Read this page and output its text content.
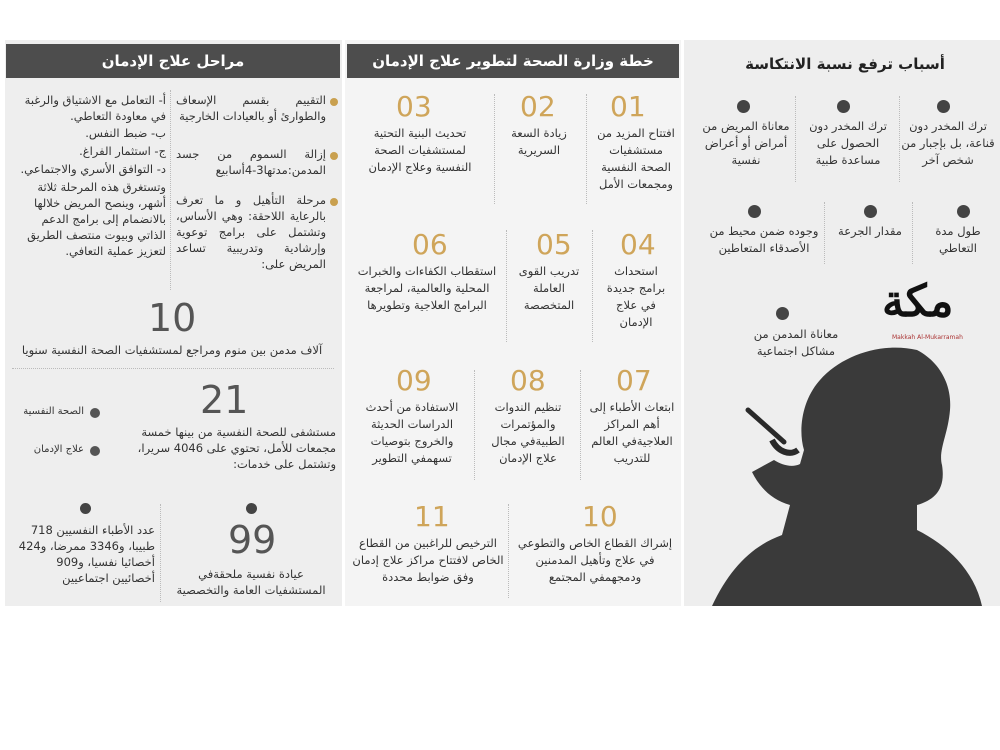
أسباب ترفع نسبة الانتكاسة
ترك المخدر دون قناعة، بل بإجبار من شخص آخر
ترك المخدر دون الحصول على مساعدة طبية
معاناة المريض من أمراض أو أعراض نفسية
طول مدة التعاطي
مقدار الجرعة
وجوده ضمن محيط من الأصدقاء المتعاطين
معاناة المدمن من مشاكل اجتماعية
مكة
Makkah Al-Mukarramah
خطة وزارة الصحة لتطوير علاج الإدمان
01
افتتاح المزيد من مستشفيات الصحة النفسية ومجمعات الأمل
02
زيادة السعة السريرية
03
تحديث البنية التحتية لمستشفيات الصحة النفسية وعلاج الإدمان
04
استحداث برامج جديدة في علاج الإدمان
05
تدريب القوى العاملة المتخصصة
06
استقطاب الكفاءات والخبرات المحلية والعالمية، لمراجعة البرامج العلاجية وتطويرها
07
ابتعاث الأطباء إلى أهم المراكز العلاجيةفي العالم للتدريب
08
تنظيم الندوات والمؤتمرات الطبيةفي مجال علاج الإدمان
09
الاستفادة من أحدث الدراسات الحديثة والخروج بتوصيات تسهمفي التطوير
10
إشراك القطاع الخاص والتطوعي في علاج وتأهيل المدمنين ودمجهمفي المجتمع
11
الترخيص للراغبين من القطاع الخاص لافتتاح مراكز علاج إدمان وفق ضوابط محددة
مراحل علاج الإدمان
التقييم بقسم الإسعاف والطوارئ أو بالعيادات الخارجية
إزالة السموم من جسد المدمن:مدتها3-4أسابيع
مرحلة التأهيل و ما تعرف بالرعاية اللاحقة: وهي الأساس، وتشتمل على برامج توعوية وإرشادية وتدريبية تساعد المريض على:
أ- التعامل مع الاشتياق والرغبة في معاودة التعاطي.
ب- ضبط النفس.
ج- استثمار الفراغ.
د- التوافق الأسري والاجتماعي.
وتستغرق هذه المرحلة ثلاثة أشهر، وينصح المريض خلالها بالانضمام إلى برامج الدعم الذاتي وبيوت منتصف الطريق لتعزيز عملية التعافي.
10
آلاف مدمن بين منوم ومراجع لمستشفيات الصحة النفسية سنويا
21
مستشفى للصحة النفسية من بينها خمسة مجمعات للأمل، تحتوي على 4046 سريرا، وتشتمل على خدمات:
الصحة النفسية
علاج الإدمان
99
عيادة نفسية ملحقةفي المستشفيات العامة والتخصصية
عدد الأطباء النفسيين 718 طبيبا، و3346 ممرضا، و424 أخصائيا نفسيا، و909 أخصائيين اجتماعيين
